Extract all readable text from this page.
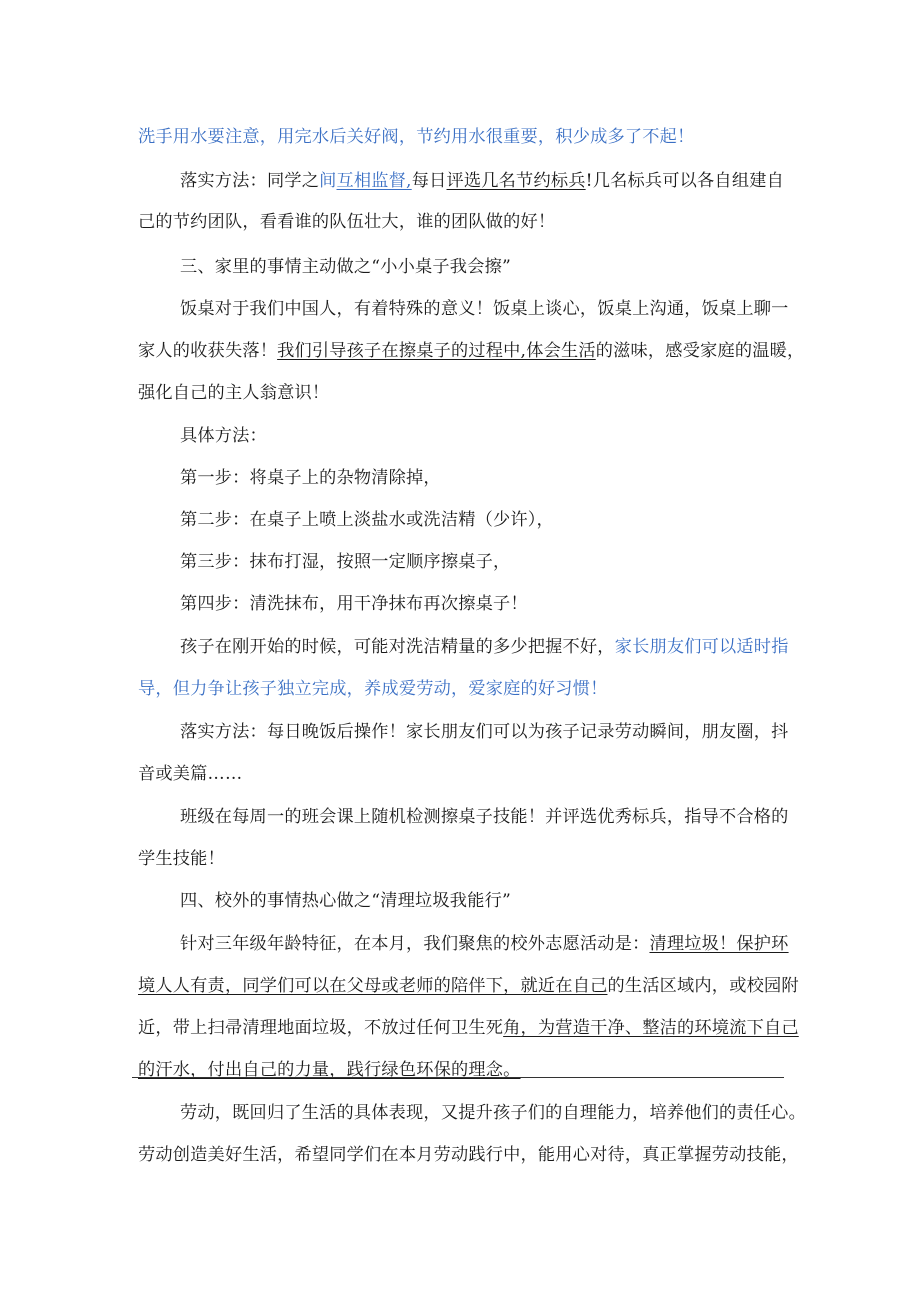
洗手用水要注意，用完水后关好阀，节约用水很重要，积少成多了不起！
落实方法：同学之间互相监督,每日评选几名节约标兵!几名标兵可以各自组建自
己的节约团队，看看谁的队伍壮大，谁的团队做的好！
三、家里的事情主动做之“小小桌子我会擦”
饭桌对于我们中国人，有着特殊的意义！饭桌上谈心，饭桌上沟通，饭桌上聊一
家人的收获失落！我们引导孩子在擦桌子的过程中,体会生活的滋味，感受家庭的温暖，
强化自己的主人翁意识！
具体方法：
第一步：将桌子上的杂物清除掉，
第二步：在桌子上喷上淡盐水或洗洁精（少许），
第三步：抹布打湿，按照一定顺序擦桌子，
第四步：清洗抹布，用干净抹布再次擦桌子！
孩子在刚开始的时候，可能对洗洁精量的多少把握不好，家长朋友们可以适时指
导，但力争让孩子独立完成，养成爱劳动，爱家庭的好习惯！
落实方法：每日晚饭后操作！家长朋友们可以为孩子记录劳动瞬间，朋友圈，抖
音或美篇……
班级在每周一的班会课上随机检测擦桌子技能！并评选优秀标兵，指导不合格的
学生技能！
四、校外的事情热心做之“清理垃圾我能行”
针对三年级年龄特征，在本月，我们聚焦的校外志愿活动是：清理垃圾！保护环
境人人有责，同学们可以在父母或老师的陪伴下，就近在自己的生活区域内，或校园附
近，带上扫帚清理地面垃圾，不放过任何卫生死角，为营造干净、整洁的环境流下自己
的汗水，付出自己的力量，践行绿色环保的理念。
劳动，既回归了生活的具体表现，又提升孩子们的自理能力，培养他们的责任心。
劳动创造美好生活，希望同学们在本月劳动践行中，能用心对待，真正掌握劳动技能，
